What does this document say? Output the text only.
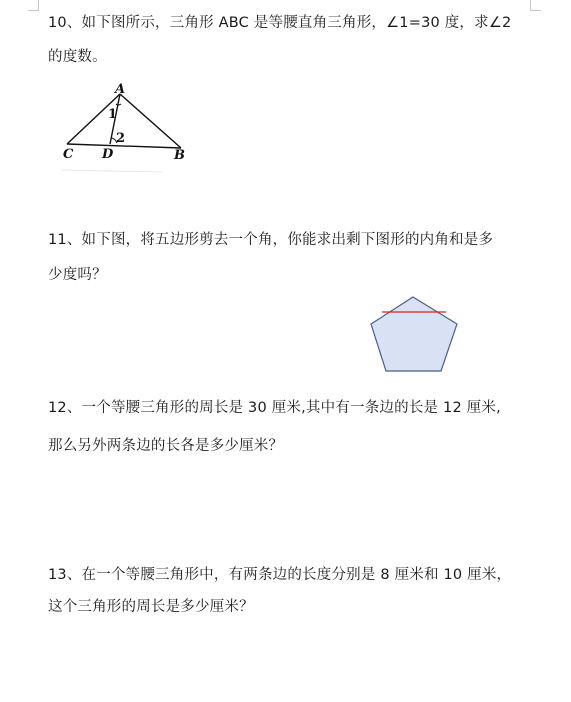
10、如下图所示，三角形 ABC 是等腰直角三角形，∠1=30 度，求∠2
的度数。
A
C D	B
1
2
11、如下图，将五边形剪去一个角，你能求出剩下图形的内角和是多
少度吗？
12、一个等腰三角形的周长是 30 厘米,其中有一条边的长是 12 厘米,
那么另外两条边的长各是多少厘米？
13、在一个等腰三角形中，有两条边的长度分别是 8 厘米和 10 厘米，
这个三角形的周长是多少厘米？
